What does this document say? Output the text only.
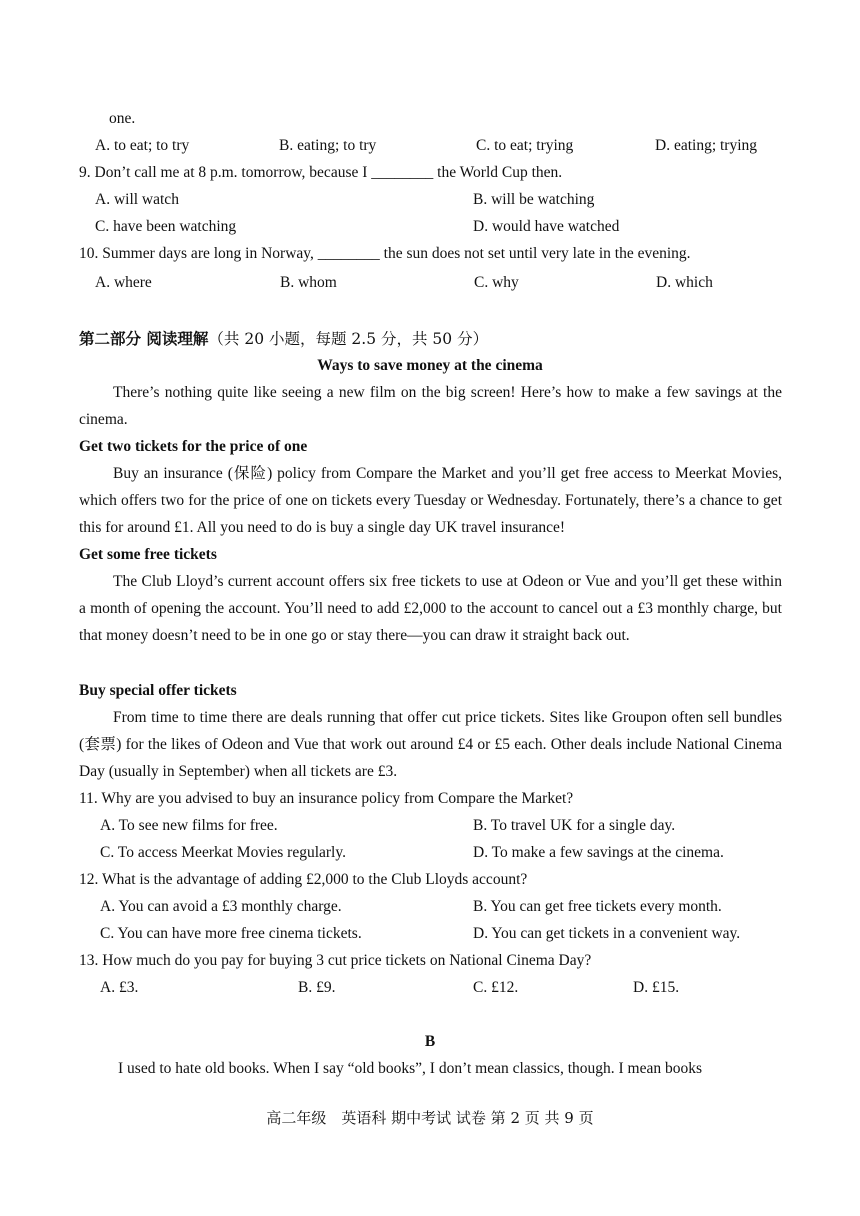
one.
A. to eat; to try	B. eating; to try	C. to eat; trying	D. eating; trying
9. Don’t call me at 8 p.m. tomorrow, because I ________ the World Cup then.
A. will watch	B. will be watching
C. have been watching	D. would have watched
10. Summer days are long in Norway, ________ the sun does not set until very late in the evening.
A. where	B. whom	C. why	D. which
第二部分 阅读理解（共 20 小题，每题 2.5 分，共 50 分）
Ways to save money at the cinema
There’s nothing quite like seeing a new film on the big screen! Here’s how to make a few savings at the cinema.
Get two tickets for the price of one
Buy an insurance (保险) policy from Compare the Market and you’ll get free access to Meerkat Movies, which offers two for the price of one on tickets every Tuesday or Wednesday. Fortunately, there’s a chance to get this for around £1. All you need to do is buy a single day UK travel insurance!
Get some free tickets
The Club Lloyd’s current account offers six free tickets to use at Odeon or Vue and you’ll get these within a month of opening the account. You’ll need to add £2,000 to the account to cancel out a £3 monthly charge, but that money doesn’t need to be in one go or stay there—you can draw it straight back out.
Buy special offer tickets
From time to time there are deals running that offer cut price tickets. Sites like Groupon often sell bundles (套票) for the likes of Odeon and Vue that work out around £4 or £5 each. Other deals include National Cinema Day (usually in September) when all tickets are £3.
11. Why are you advised to buy an insurance policy from Compare the Market?
A. To see new films for free.	B. To travel UK for a single day.
C. To access Meerkat Movies regularly.	D. To make a few savings at the cinema.
12. What is the advantage of adding £2,000 to the Club Lloyds account?
A. You can avoid a £3 monthly charge.	B. You can get free tickets every month.
C. You can have more free cinema tickets.	D. You can get tickets in a convenient way.
13. How much do you pay for buying 3 cut price tickets on National Cinema Day?
A. £3.	B. £9.	C. £12.	D. £15.
B
I used to hate old books. When I say “old books”, I don’t mean classics, though. I mean books
高二年级　英语科 期中考试 试卷 第 2 页 共 9 页
